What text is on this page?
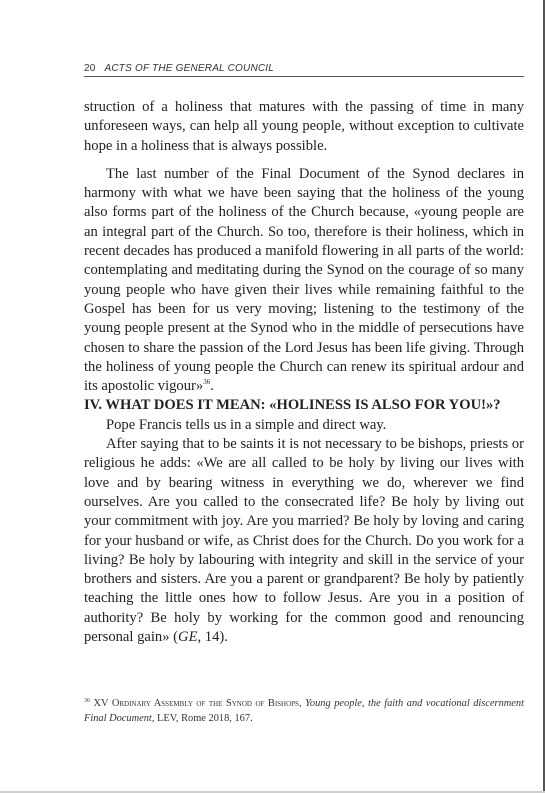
20 ACTS OF THE GENERAL COUNCIL

struction of a holiness that matures with the passing of time in many unforeseen ways, can help all young people, without exception to cultivate hope in a holiness that is always possible.

The last number of the Final Document of the Synod declares in harmony with what we have been saying that the holiness of the young also forms part of the holiness of the Church because, «young people are an integral part of the Church. So too, therefore is their holiness, which in recent decades has produced a manifold flowering in all parts of the world: contemplating and meditating during the Synod on the courage of so many young people who have given their lives while remaining faithful to the Gospel has been for us very moving; listening to the testimony of the young people present at the Synod who in the middle of persecutions have chosen to share the passion of the Lord Jesus has been life giving. Through the holiness of young people the Church can renew its spiritual ardour and its apostolic vigour»$^{36}$.

IV. WHAT DOES IT MEAN: «HOLINESS IS ALSO FOR YOU!»?

Pope Francis tells us in a simple and direct way.

After saying that to be saints it is not necessary to be bishops, priests or religious he adds: «We are all called to be holy by living our lives with love and by bearing witness in everything we do, wherever we find ourselves. Are you called to the consecrated life? Be holy by living out your commitment with joy. Are you married? Be holy by loving and caring for your husband or wife, as Christ does for the Church. Do you work for a living? Be holy by labouring with integrity and skill in the service of your brothers and sisters. Are you a parent or grandparent? Be holy by patiently teaching the little ones how to follow Jesus. Are you in a position of authority? Be holy by working for the common good and renouncing personal gain» (GE, 14).

$^{36}$ XV Ordinary Assembly of the Synod of Bishops, Young people, the faith and vocational discernment Final Document, LEV, Rome 2018, 167.
